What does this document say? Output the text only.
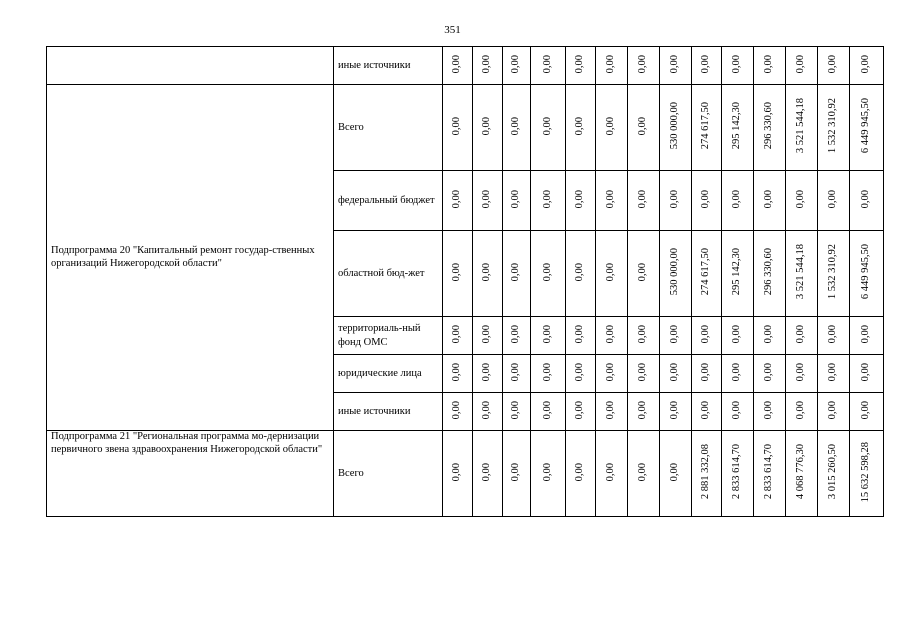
351
	иные источники	0,00	0,00	0,00	0,00	0,00	0,00	0,00	0,00	0,00	0,00	0,00	0,00	0,00	0,00
Подпрограмма 20 "Капитальный ремонт государ-ственных организаций Нижегородской области"	Всего	0,00	0,00	0,00	0,00	0,00	0,00	0,00	530 000,00	274 617,50	295 142,30	296 330,60	3 521 544,18	1 532 310,92	6 449 945,50
	федеральный бюджет	0,00	0,00	0,00	0,00	0,00	0,00	0,00	0,00	0,00	0,00	0,00	0,00	0,00	0,00
	областной бюд-жет	0,00	0,00	0,00	0,00	0,00	0,00	0,00	530 000,00	274 617,50	295 142,30	296 330,60	3 521 544,18	1 532 310,92	6 449 945,50
	территориаль-ный фонд ОМС	0,00	0,00	0,00	0,00	0,00	0,00	0,00	0,00	0,00	0,00	0,00	0,00	0,00	0,00
	юридические лица	0,00	0,00	0,00	0,00	0,00	0,00	0,00	0,00	0,00	0,00	0,00	0,00	0,00	0,00
	иные источники	0,00	0,00	0,00	0,00	0,00	0,00	0,00	0,00	0,00	0,00	0,00	0,00	0,00	0,00
Подпрограмма 21 "Региональная программа мо-дернизации первичного звена здравоохранения Нижегородской области"	Всего	0,00	0,00	0,00	0,00	0,00	0,00	0,00	0,00	2 881 332,08	2 833 614,70	2 833 614,70	4 068 776,30	3 015 260,50	15 632 598,28
